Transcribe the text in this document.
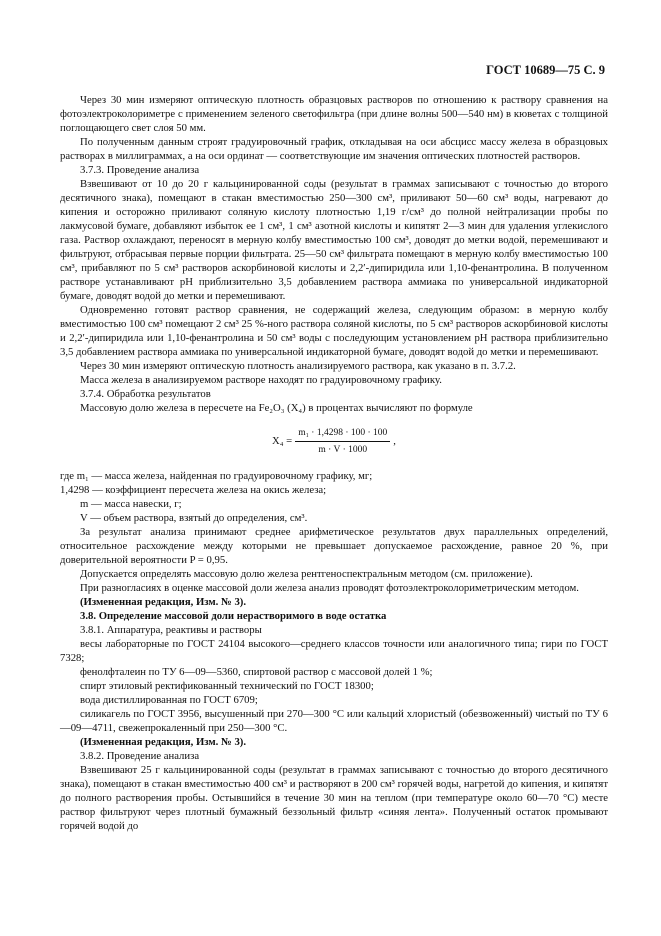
ГОСТ 10689—75 С. 9

Через 30 мин измеряют оптическую плотность образцовых растворов по отношению к раствору сравнения на фотоэлектроколориметре с применением зеленого светофильтра (при длине волны 500—540 нм) в кюветах с толщиной поглощающего свет слоя 50 мм.

По полученным данным строят градуировочный график, откладывая на оси абсцисс массу железа в образцовых растворах в миллиграммах, а на оси ординат — соответствующие им значения оптических плотностей растворов.

3.7.3. Проведение анализа

Взвешивают от 10 до 20 г кальцинированной соды (результат в граммах записывают с точностью до второго десятичного знака), помещают в стакан вместимостью 250—300 см³, приливают 50—60 см³ воды, нагревают до кипения и осторожно приливают соляную кислоту плотностью 1,19 г/см³ до полной нейтрализации пробы по лакмусовой бумаге, добавляют избыток ее 1 см³, 1 см³ азотной кислоты и кипятят 2—3 мин для удаления углекислого газа. Раствор охлаждают, переносят в мерную колбу вместимостью 100 см³, доводят до метки водой, перемешивают и фильтруют, отбрасывая первые порции фильтрата. 25—50 см³ фильтрата помещают в мерную колбу вместимостью 100 см³, прибавляют по 5 см³ растворов аскорбиновой кислоты и 2,2′-дипиридила или 1,10-фенантролина. В полученном растворе устанавливают pH приблизительно 3,5 добавлением раствора аммиака по универсальной индикаторной бумаге, доводят водой до метки и перемешивают.

Одновременно готовят раствор сравнения, не содержащий железа, следующим образом: в мерную колбу вместимостью 100 см³ помещают 2 см³ 25 %-ного раствора соляной кислоты, по 5 см³ растворов аскорбиновой кислоты и 2,2′-дипиридила или 1,10-фенантролина и 50 см³ воды с последующим установлением pH раствора приблизительно 3,5 добавлением раствора аммиака по универсальной индикаторной бумаге, доводят водой до метки и перемешивают.

Через 30 мин измеряют оптическую плотность анализируемого раствора, как указано в п. 3.7.2.

Масса железа в анализируемом растворе находят по градуировочному графику.

3.7.4. Обработка результатов

Массовую долю железа в пересчете на Fe₂O₃ (X₄) в процентах вычисляют по формуле

$X_4 = \frac{\text{m₁ · 1,4298 · 100 · 100}}{m \cdot V \cdot 1000}$ ,

где m₁ — масса железа, найденная по градуировочному графику, мг;

1,4298 — коэффициент пересчета железа на окись железа;

m — масса навески, г;

V — объем раствора, взятый до определения, см³.

За результат анализа принимают среднее арифметическое результатов двух параллельных определений, относительное расхождение между которыми не превышает допускаемое расхождение, равное 20 %, при доверительной вероятности P = 0,95.

Допускается определять массовую долю железа рентгеноспектральным методом (см. приложение).

При разногласиях в оценке массовой доли железа анализ проводят фотоэлектроколориметрическим методом.

(Измененная редакция, Изм. № 3).

3.8. Определение массовой доли нерастворимого в воде остатка

3.8.1. Аппаратура, реактивы и растворы

весы лабораторные по ГОСТ 24104 высокого—среднего классов точности или аналогичного типа; гири по ГОСТ 7328;

фенолфталеин по ТУ 6—09—5360, спиртовой раствор с массовой долей 1 %;

спирт этиловый ректификованный технический по ГОСТ 18300;

вода дистиллированная по ГОСТ 6709;

силикагель по ГОСТ 3956, высушенный при 270—300 °С или кальций хлористый (обезвоженный) чистый по ТУ 6—09—4711, свежепрокаленный при 250—300 °С.

(Измененная редакция, Изм. № 3).

3.8.2. Проведение анализа

Взвешивают 25 г кальцинированной соды (результат в граммах записывают с точностью до второго десятичного знака), помещают в стакан вместимостью 400 см³ и растворяют в 200 см³ горячей воды, нагретой до кипения, и кипятят до полного растворения пробы. Остывшийся в течение 30 мин на теплом (при температуре около 60—70 °С) месте раствор фильтруют через плотный бумажный беззольный фильтр «синяя лента». Полученный остаток промывают горячей водой до
